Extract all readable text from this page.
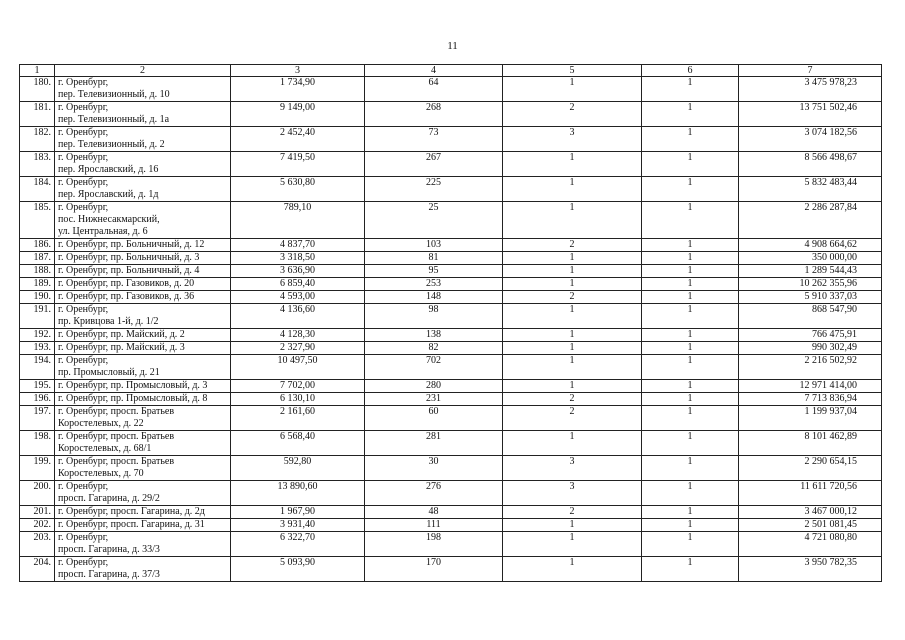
11
1	2	3	4	5	6	7
180.	г. Оренбург,
пер. Телевизионный, д. 10	1 734,90	64	1	1	3 475 978,23
181.	г. Оренбург,
пер. Телевизионный, д. 1а	9 149,00	268	2	1	13 751 502,46
182.	г. Оренбург,
пер. Телевизионный, д. 2	2 452,40	73	3	1	3 074 182,56
183.	г. Оренбург,
пер. Ярославский, д. 16	7 419,50	267	1	1	8 566 498,67
184.	г. Оренбург,
пер. Ярославский, д. 1д	5 630,80	225	1	1	5 832 483,44
185.	г. Оренбург,
пос. Нижнесакмарский,
ул. Центральная, д. 6	789,10	25	1	1	2 286 287,84
186.	г. Оренбург, пр. Больничный, д. 12	4 837,70	103	2	1	4 908 664,62
187.	г. Оренбург, пр. Больничный, д. 3	3 318,50	81	1	1	350 000,00
188.	г. Оренбург, пр. Больничный, д. 4	3 636,90	95	1	1	1 289 544,43
189.	г. Оренбург, пр. Газовиков, д. 20	6 859,40	253	1	1	10 262 355,96
190.	г. Оренбург, пр. Газовиков, д. 36	4 593,00	148	2	1	5 910 337,03
191.	г. Оренбург,
пр. Кривцова 1-й, д. 1/2	4 136,60	98	1	1	868 547,90
192.	г. Оренбург, пр. Майский, д. 2	4 128,30	138	1	1	766 475,91
193.	г. Оренбург, пр. Майский, д. 3	2 327,90	82	1	1	990 302,49
194.	г. Оренбург,
пр. Промысловый, д. 21	10 497,50	702	1	1	2 216 502,92
195.	г. Оренбург, пр. Промысловый, д. 3	7 702,00	280	1	1	12 971 414,00
196.	г. Оренбург, пр. Промысловый, д. 8	6 130,10	231	2	1	7 713 836,94
197.	г. Оренбург, просп. Братьев
Коростелевых, д. 22	2 161,60	60	2	1	1 199 937,04
198.	г. Оренбург, просп. Братьев
Коростелевых, д. 68/1	6 568,40	281	1	1	8 101 462,89
199.	г. Оренбург, просп. Братьев
Коростелевых, д. 70	592,80	30	3	1	2 290 654,15
200.	г. Оренбург,
просп. Гагарина, д. 29/2	13 890,60	276	3	1	11 611 720,56
201.	г. Оренбург, просп. Гагарина, д. 2д	1 967,90	48	2	1	3 467 000,12
202.	г. Оренбург, просп. Гагарина, д. 31	3 931,40	111	1	1	2 501 081,45
203.	г. Оренбург,
просп. Гагарина, д. 33/3	6 322,70	198	1	1	4 721 080,80
204.	г. Оренбург,
просп. Гагарина, д. 37/3	5 093,90	170	1	1	3 950 782,35
